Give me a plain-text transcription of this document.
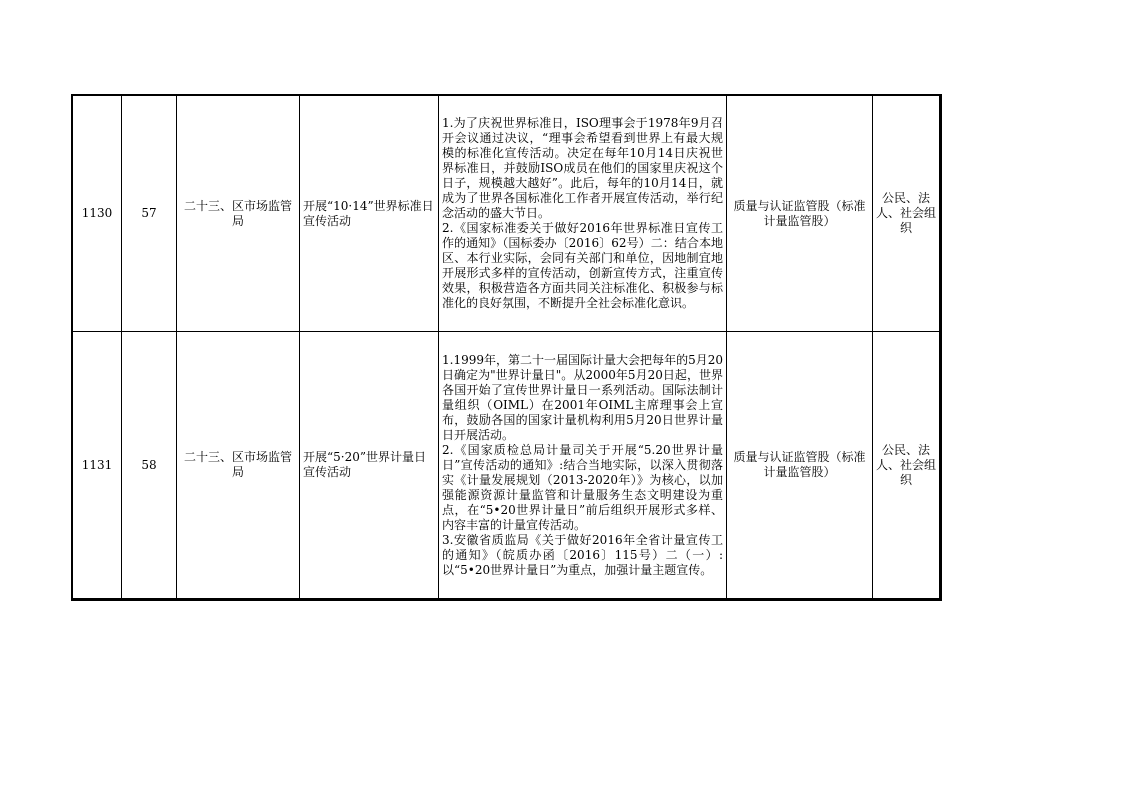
1130	57	二十三、区市场监管局	开展“10·14”世界标准日宣传活动	1.为了庆祝世界标准日，ISO理事会于1978年9月召开会议通过决议，“理事会希望看到世界上有最大规模的标准化宣传活动。决定在每年10月14日庆祝世界标准日，并鼓励ISO成员在他们的国家里庆祝这个日子，规模越大越好”。此后，每年的10月14日，就成为了世界各国标准化工作者开展宣传活动，举行纪念活动的盛大节日。
2.《国家标准委关于做好2016年世界标准日宣传工作的通知》（国标委办〔2016〕62号）二：结合本地区、本行业实际，会同有关部门和单位，因地制宜地开展形式多样的宣传活动，创新宣传方式，注重宣传效果，积极营造各方面共同关注标准化、积极参与标准化的良好氛围，不断提升全社会标准化意识。	质量与认证监管股（标准计量监管股）	公民、法人、社会组织
1131	58	二十三、区市场监管局	开展“5·20”世界计量日宣传活动	1.1999年，第二十一届国际计量大会把每年的5月20日确定为"世界计量日"。从2000年5月20日起，世界各国开始了宣传世界计量日一系列活动。国际法制计量组织（OIML）在2001年OIML主席理事会上宣布，鼓励各国的国家计量机构利用5月20日世界计量日开展活动。
2.《国家质检总局计量司关于开展“5.20世界计量日”宣传活动的通知》:结合当地实际，以深入贯彻落实《计量发展规划（2013-2020年）》为核心，以加强能源资源计量监管和计量服务生态文明建设为重点，在“5•20世界计量日”前后组织开展形式多样、内容丰富的计量宣传活动。
3.安徽省质监局《关于做好2016年全省计量宣传工的通知》（皖质办函〔2016〕115号）二（一）:以“5•20世界计量日”为重点，加强计量主题宣传。	质量与认证监管股（标准计量监管股）	公民、法人、社会组织
